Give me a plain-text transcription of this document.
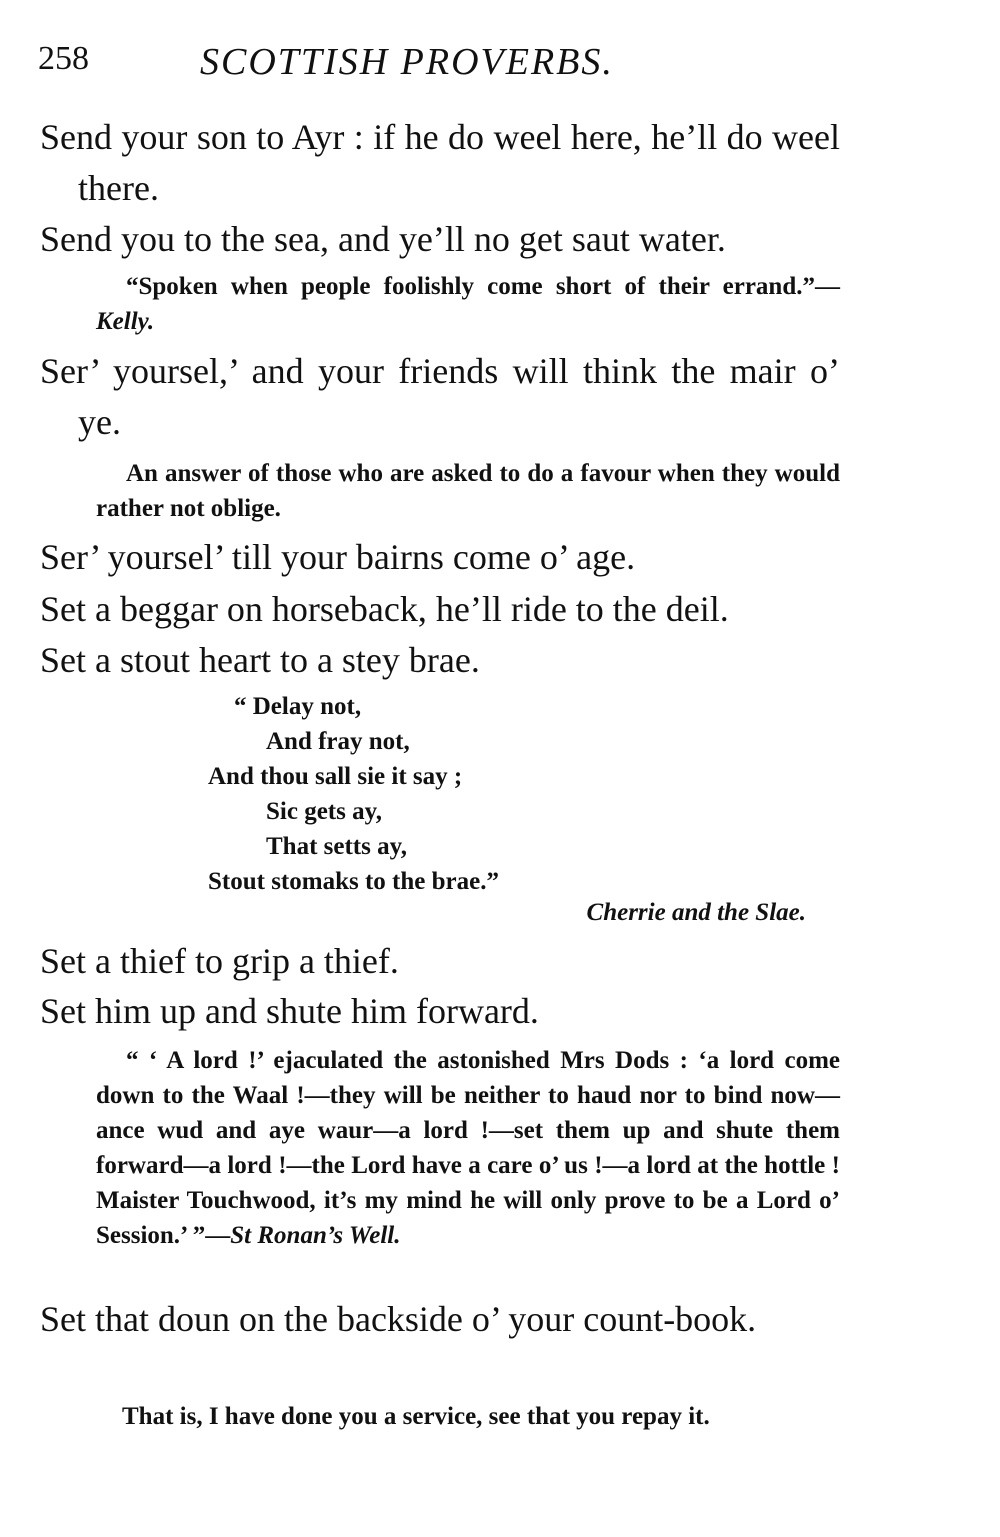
258	SCOTTISH PROVERBS.
Send your son to Ayr : if he do weel here, he’ll do weel there.
Send you to the sea, and ye’ll no get saut water.
“Spoken when people foolishly come short of their errand.”—Kelly.
Ser’ yoursel,’ and your friends will think the mair o’ ye.
An answer of those who are asked to do a favour when they would rather not oblige.
Ser’ yoursel’ till your bairns come o’ age.
Set a beggar on horseback, he’ll ride to the deil.
Set a stout heart to a stey brae.
“ Delay not,
And fray not,
And thou sall sie it say ;
Sic gets ay,
That setts ay,
Stout stomaks to the brae.”
Cherrie and the Slae.
Set a thief to grip a thief.
Set him up and shute him forward.
“ ‘ A lord !’ ejaculated the astonished Mrs Dods : ‘a lord come down to the Waal !—they will be neither to haud nor to bind now—ance wud and aye waur—a lord !—set them up and shute them forward—a lord !—the Lord have a care o’ us !—a lord at the hottle ! Maister Touchwood, it’s my mind he will only prove to be a Lord o’ Session.’ ”—St Ronan’s Well.
Set that doun on the backside o’ your count-book.
That is, I have done you a service, see that you repay it.
